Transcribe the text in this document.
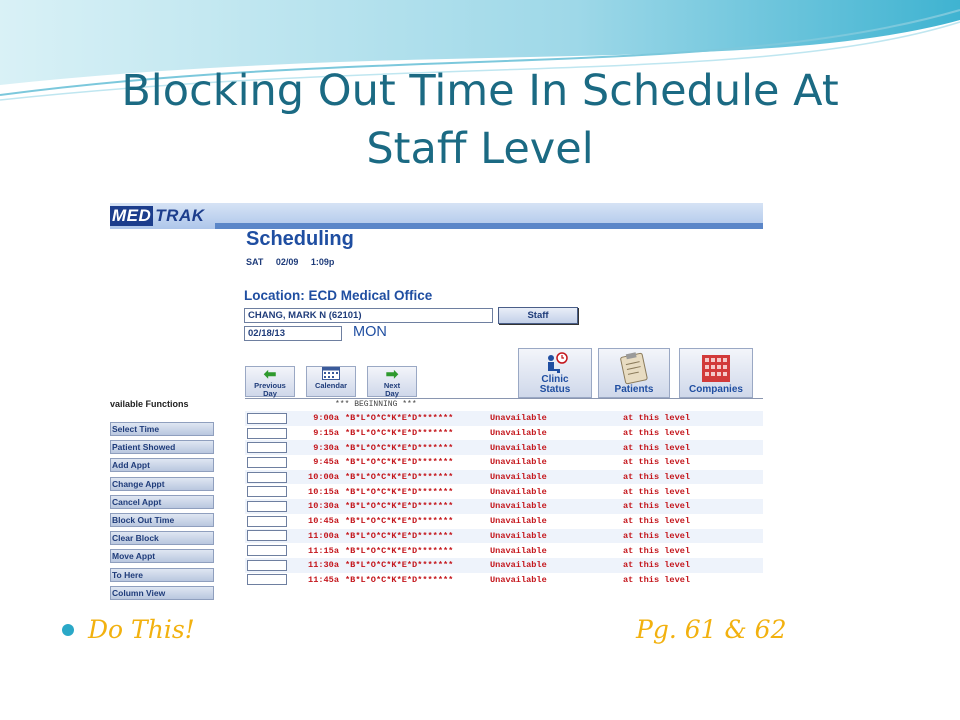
Blocking Out Time In Schedule At
Staff Level
MED TRAK
Scheduling
SAT 02/09 1:09p
Location: ECD Medical Office
CHANG, MARK N (62101)	Staff
02/18/13	MON
⬅
Previous
Day
Calendar
➡
Next
Day
Clinic
Status	Patients	Companies
vailable Functions
Select Time
Patient Showed
Add Appt
Change Appt
Cancel Appt
Block Out Time
Clear Block
Move Appt
To Here
Column View
*** BEGINNING ***
9:00a *B*L*O*C*K*E*D*******	Unavailable	at this level
9:15a *B*L*O*C*K*E*D*******	Unavailable	at this level
9:30a *B*L*O*C*K*E*D*******	Unavailable	at this level
9:45a *B*L*O*C*K*E*D*******	Unavailable	at this level
10:00a *B*L*O*C*K*E*D*******	Unavailable	at this level
10:15a *B*L*O*C*K*E*D*******	Unavailable	at this level
10:30a *B*L*O*C*K*E*D*******	Unavailable	at this level
10:45a *B*L*O*C*K*E*D*******	Unavailable	at this level
11:00a *B*L*O*C*K*E*D*******	Unavailable	at this level
11:15a *B*L*O*C*K*E*D*******	Unavailable	at this level
11:30a *B*L*O*C*K*E*D*******	Unavailable	at this level
11:45a *B*L*O*C*K*E*D*******	Unavailable	at this level
Do This!	Pg. 61 & 62
